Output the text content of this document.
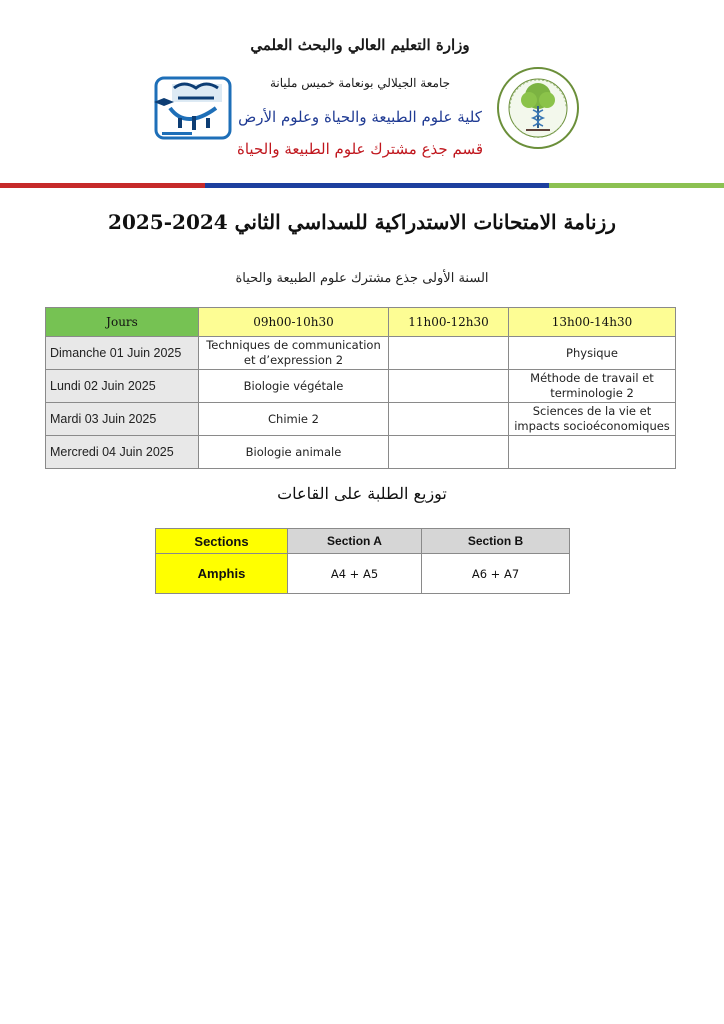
وزارة التعليم العالي والبحث العلمي
جامعة الجيلالي بونعامة خميس مليانة
كلية علوم الطبيعة والحياة وعلوم الأرض
قسم جذع مشترك علوم الطبيعة والحياة
رزنامة الامتحانات الاستدراكية للسداسي الثاني 2024-2025
السنة الأولى جذع مشترك علوم الطبيعة والحياة
Jours	09h00-10h30	11h00-12h30	13h00-14h30
Dimanche 01 Juin 2025	Techniques de communication et d’expression 2		Physique
Lundi 02 Juin 2025	Biologie végétale		Méthode de travail et terminologie 2
Mardi 03 Juin 2025	Chimie 2		Sciences de la vie et impacts socioéconomiques
Mercredi 04 Juin 2025	Biologie animale		
توزيع الطلبة على القاعات
Sections	Section A	Section B
Amphis	A4 + A5	A6 + A7
